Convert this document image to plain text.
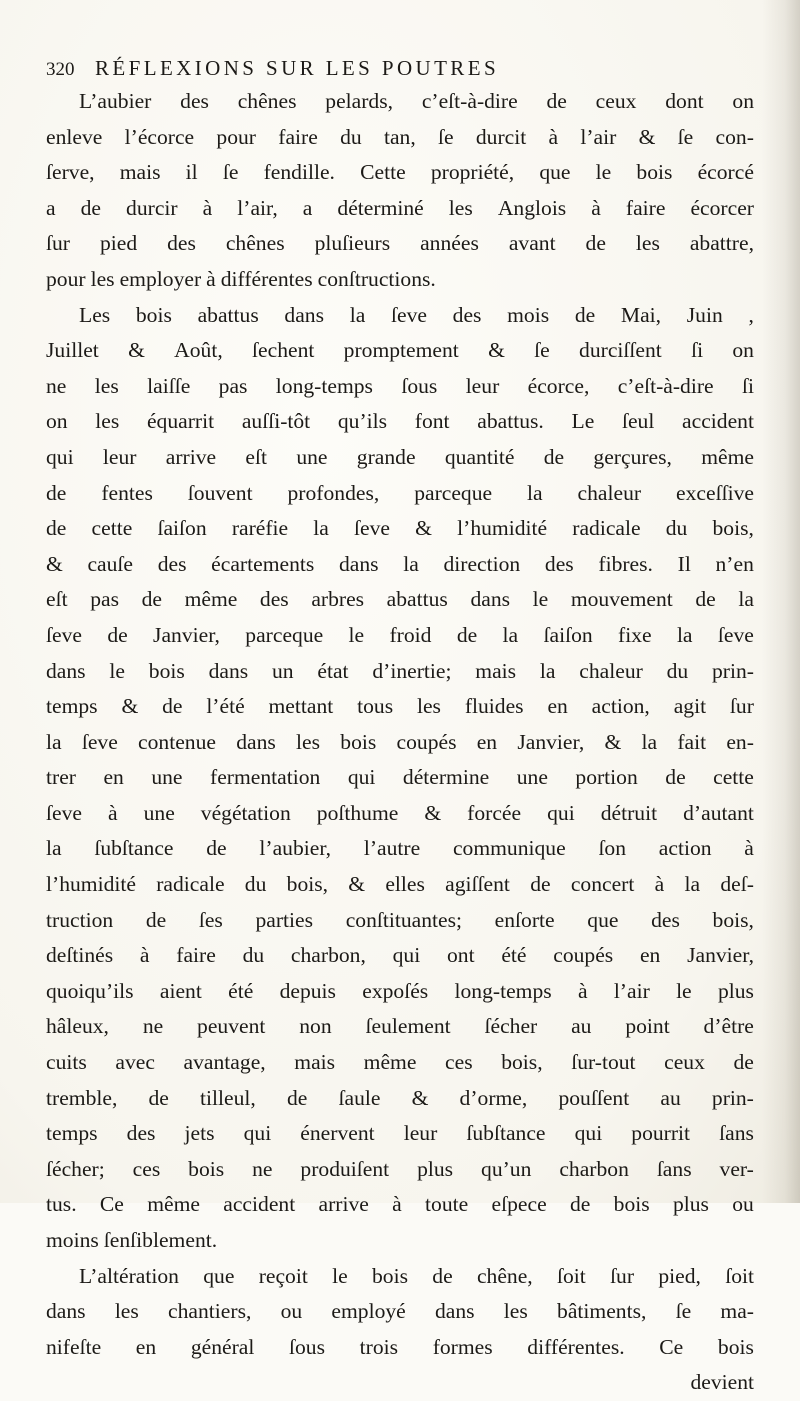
320 RÉFLEXIONS SUR LES POUTRES
L’aubier des chênes pelards, c’eſt-à-dire de ceux dont on
enleve l’écorce pour faire du tan, ſe durcit à l’air & ſe con-
ſerve, mais il ſe fendille. Cette propriété, que le bois écorcé
a de durcir à l’air, a déterminé les Anglois à faire écorcer
ſur pied des chênes pluſieurs années avant de les abattre,
pour les employer à différentes conſtructions.
Les bois abattus dans la ſeve des mois de Mai, Juin ,
Juillet & Août, ſechent promptement & ſe durciſſent ſi on
ne les laiſſe pas long-temps ſous leur écorce, c’eſt-à-dire ſi
on les équarrit auſſi-tôt qu’ils font abattus. Le ſeul accident
qui leur arrive eſt une grande quantité de gerçures, même
de fentes ſouvent profondes, parceque la chaleur exceſſive
de cette ſaiſon raréfie la ſeve & l’humidité radicale du bois,
& cauſe des écartements dans la direction des fibres. Il n’en
eſt pas de même des arbres abattus dans le mouvement de la
ſeve de Janvier, parceque le froid de la ſaiſon fixe la ſeve
dans le bois dans un état d’inertie; mais la chaleur du prin-
temps & de l’été mettant tous les fluides en action, agit ſur
la ſeve contenue dans les bois coupés en Janvier, & la fait en-
trer en une fermentation qui détermine une portion de cette
ſeve à une végétation poſthume & forcée qui détruit d’autant
la ſubſtance de l’aubier, l’autre communique ſon action à
l’humidité radicale du bois, & elles agiſſent de concert à la deſ-
truction de ſes parties conſtituantes; enſorte que des bois,
deſtinés à faire du charbon, qui ont été coupés en Janvier,
quoiqu’ils aient été depuis expoſés long-temps à l’air le plus
hâleux, ne peuvent non ſeulement ſécher au point d’être
cuits avec avantage, mais même ces bois, ſur-tout ceux de
tremble, de tilleul, de ſaule & d’orme, pouſſent au prin-
temps des jets qui énervent leur ſubſtance qui pourrit ſans
ſécher; ces bois ne produiſent plus qu’un charbon ſans ver-
tus. Ce même accident arrive à toute eſpece de bois plus ou
moins ſenſiblement.
L’altération que reçoit le bois de chêne, ſoit ſur pied, ſoit
dans les chantiers, ou employé dans les bâtiments, ſe ma-
nifeſte en général ſous trois formes différentes. Ce bois
devient
